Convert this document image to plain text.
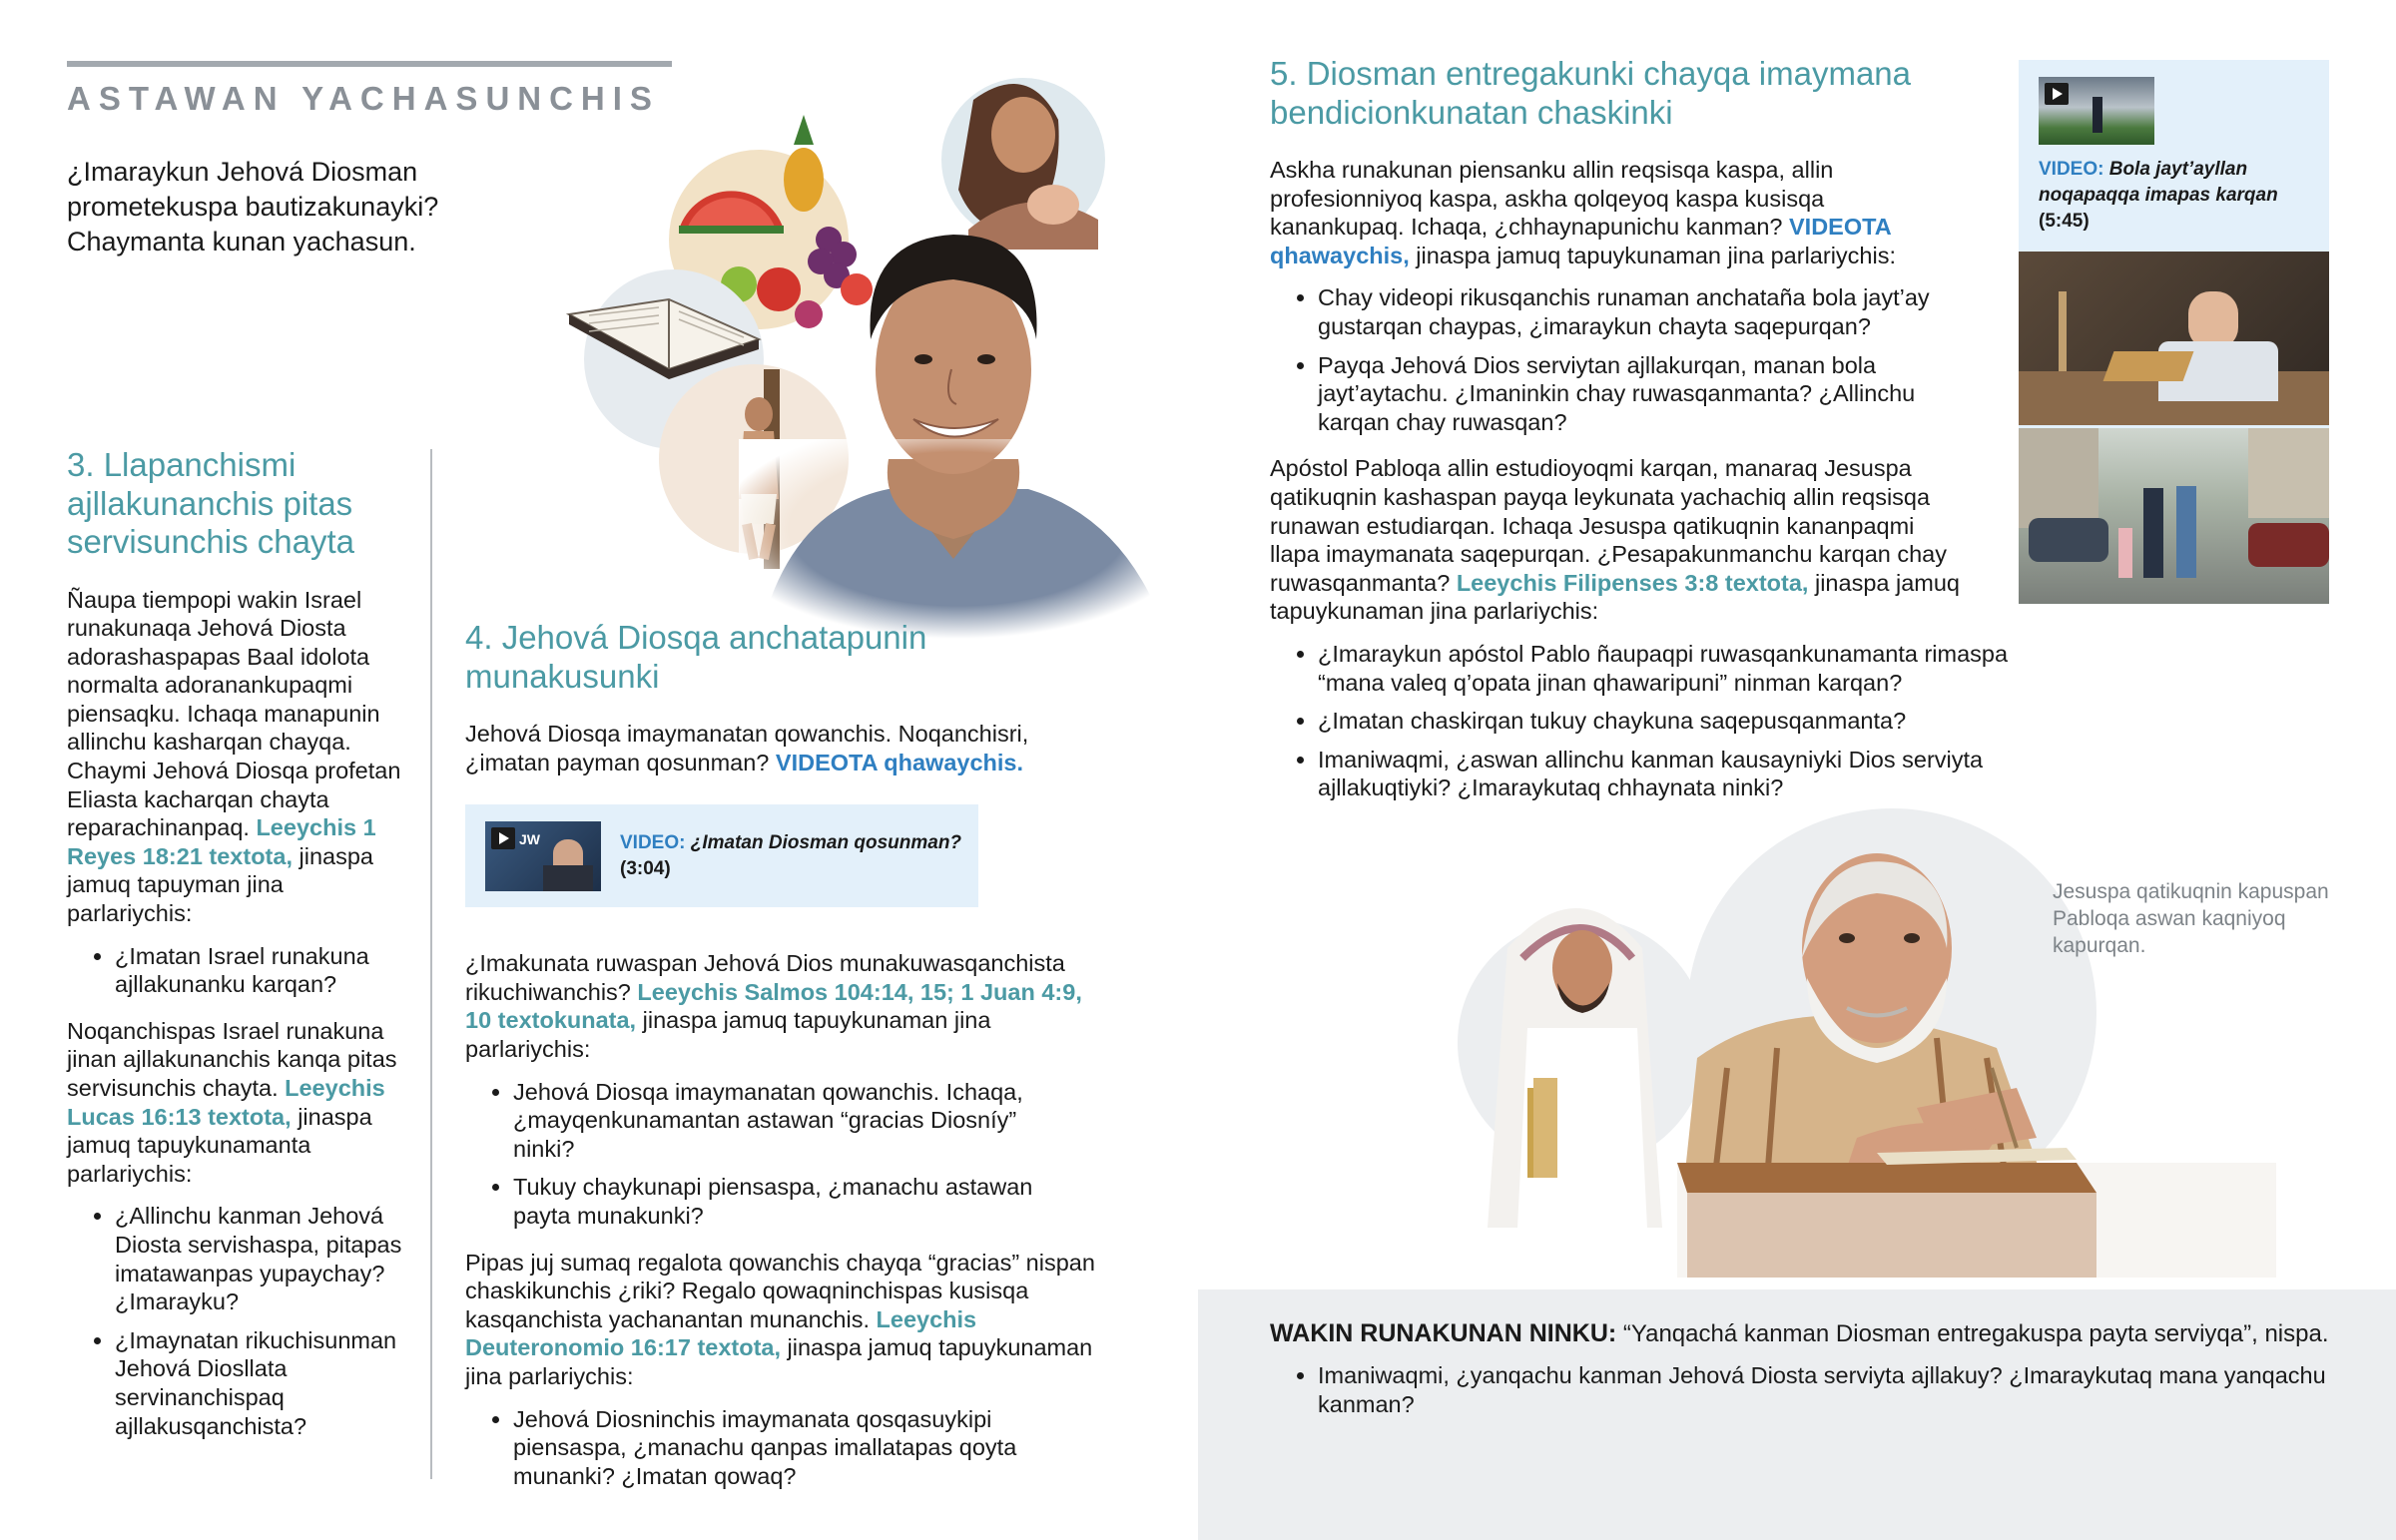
ASTAWAN YACHASUNCHIS
¿Imaraykun Jehová Diosman prometekuspa bautizakunayki? Chaymanta kunan yachasun.
3. Llapanchismi ajllakunanchis pitas servisunchis chayta

Ñaupa tiempopi wakin Israel runakunaqa Jehová Diosta adorashaspapas Baal idolota normalta adoranankupaqmi piensaqku. Ichaqa manapunin allinchu kasharqan chayqa. Chaymi Jehová Diosqa profetan Eliasta kacharqan chayta reparachinanpaq. Leeychis 1 Reyes 18:21 textota, jinaspa jamuq tapuyman jina parlariychis:

¿Imatan Israel runakuna ajllakunanku karqan?

Noqanchispas Israel runakuna jinan ajllakunanchis kanqa pitas servisunchis chayta. Leeychis Lucas 16:13 textota, jinaspa jamuq tapuykunamanta parlariychis:

¿Allinchu kanman Jehová Diosta servishaspa, pitapas imatawanpas yupaychay? ¿Imarayku?
¿Imaynatan rikuchisunman Jehová Diosllata servinanchispaq ajllakusqanchista?
4. Jehová Diosqa anchatapunin munakusunki

Jehová Diosqa imaymanatan qowanchis. Noqanchisri, ¿imatan payman qosunman? VIDEOTA qhawaychis.

JW	VIDEO: ¿Imatan Diosman qosunman?
(3:04)

¿Imakunata ruwaspan Jehová Dios munakuwasqanchista rikuchiwanchis? Leeychis Salmos 104:14, 15; 1 Juan 4:9, 10 textokunata, jinaspa jamuq tapuykunaman jina parlariychis:

Jehová Diosqa imaymanatan qowanchis. Ichaqa, ¿mayqenkunamantan astawan “gracias Diosníy” ninki?
Tukuy chaykunapi piensaspa, ¿manachu astawan payta munakunki?

Pipas juj sumaq regalota qowanchis chayqa “gracias” nispan chaskikunchis ¿riki? Regalo qowaqninchispas kusisqa kasqanchista yachanantan munanchis. Leeychis Deuteronomio 16:17 textota, jinaspa jamuq tapuykunaman jina parlariychis:

Jehová Diosninchis imaymanata qosqasuykipi piensaspa, ¿manachu qanpas imallatapas qoyta munanki? ¿Imatan qowaq?
5. Diosman entregakunki chayqa imaymana bendicionkunatan chaskinki

Askha runakunan piensanku allin reqsisqa kaspa, allin profesionniyoq kaspa, askha qolqeyoq kaspa kusisqa kanankupaq. Ichaqa, ¿chhaynapunichu kanman? VIDEOTA qhawaychis, jinaspa jamuq tapuykunaman jina parlariychis:

Chay videopi rikusqanchis runaman anchataña bola jayt’ay gustarqan chaypas, ¿imaraykun chayta saqepurqan?
Payqa Jehová Dios serviytan ajllakurqan, manan bola jayt’aytachu. ¿Imaninkin chay ruwasqanmanta? ¿Allinchu karqan chay ruwasqan?

Apóstol Pabloqa allin estudioyoqmi karqan, manaraq Jesuspa qatikuqnin kashaspan payqa leykunata yachachiq allin reqsisqa runawan estudiarqan. Ichaqa Jesuspa qatikuqnin kananpaqmi llapa imaymanata saqepurqan. ¿Pesapakunmanchu karqan chay ruwasqanmanta? Leeychis Filipenses 3:8 textota, jinaspa jamuq tapuykunaman jina parlariychis:

¿Imaraykun apóstol Pablo ñaupaqpi ruwasqankunamanta rimaspa “mana valeq q’opata jinan qhawaripuni” ninman karqan?
¿Imatan chaskirqan tukuy chaykuna saqepusqanmanta?
Imaniwaqmi, ¿aswan allinchu kanman kausayniyki Dios serviyta ajllakuqtiyki? ¿Imaraykutaq chhaynata ninki?
VIDEO: Bola jayt’ayllan noqapaqqa imapas karqan
(5:45)
Jesuspa qatikuqnin kapuspan Pabloqa aswan kaqniyoq kapurqan.

WAKIN RUNAKUNAN NINKU: “Yanqachá kanman Diosman entregakuspa payta serviyqa”, nispa.

Imaniwaqmi, ¿yanqachu kanman Jehová Diosta serviyta ajllakuy? ¿Imaraykutaq mana yanqachu kanman?
